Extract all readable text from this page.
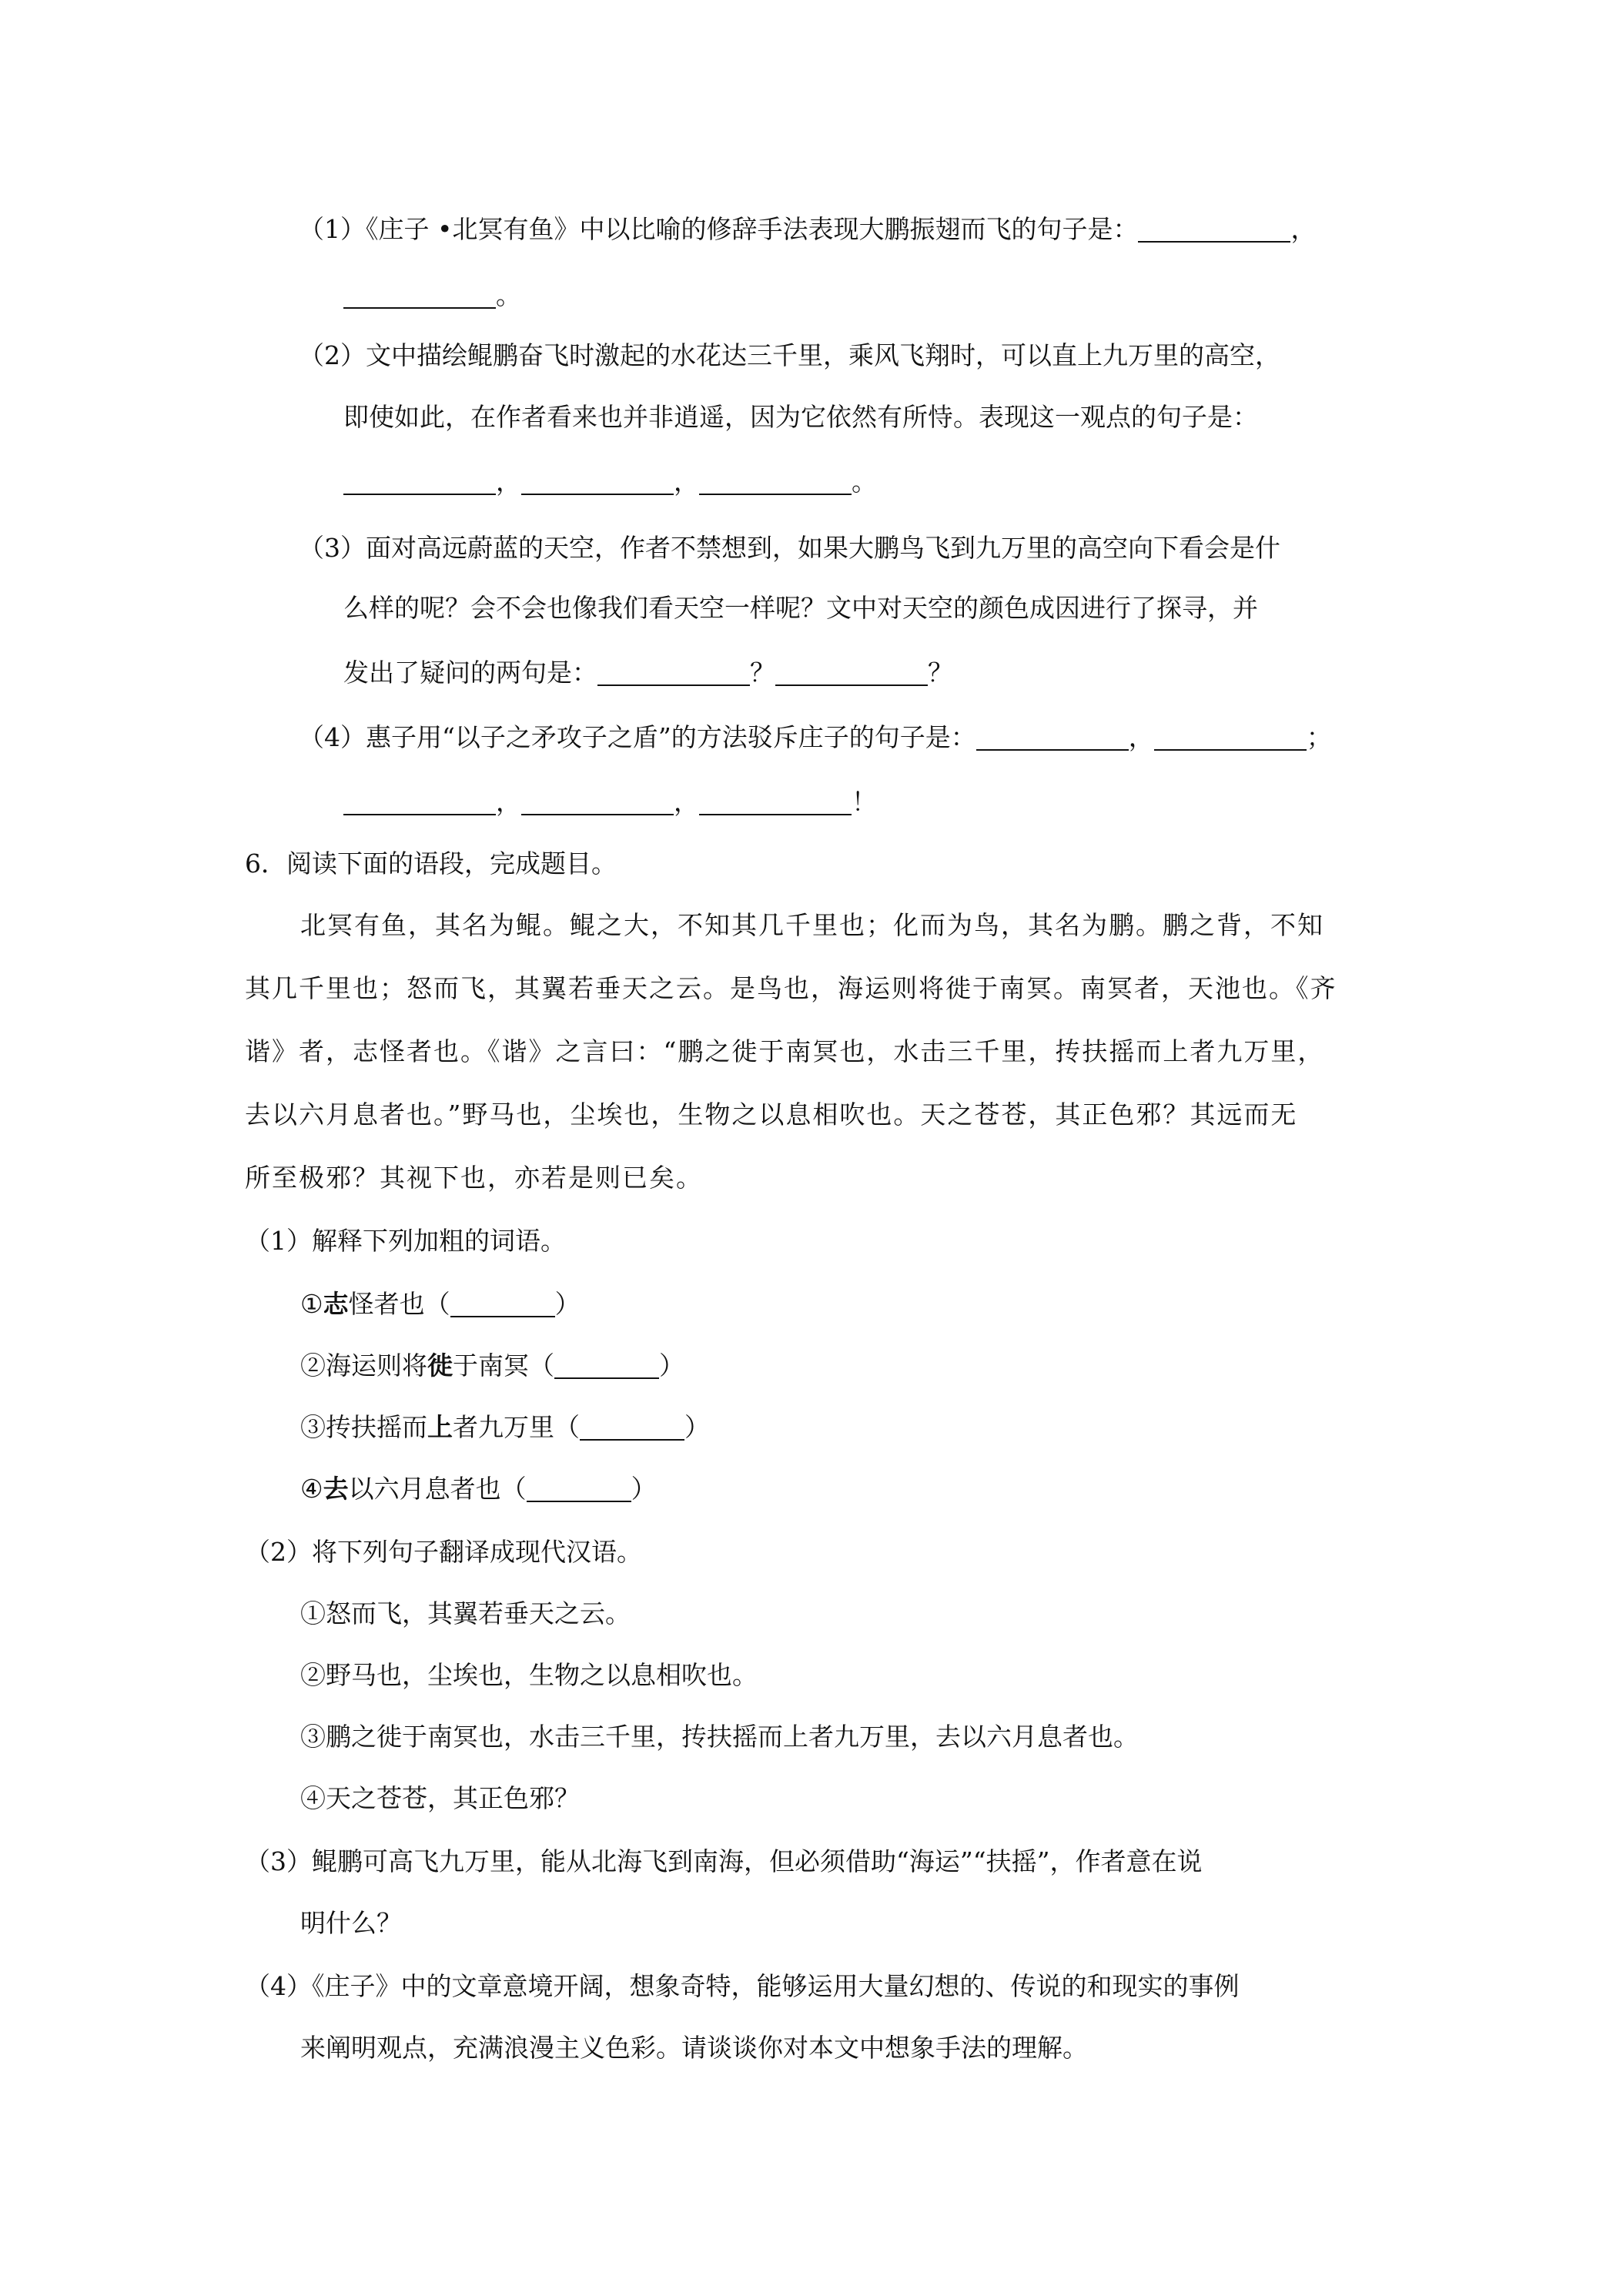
（1）《庄子 •北冥有鱼》中以比喻的修辞手法表现大鹏振翅而飞的句子是：	，
。
（2）文中描绘鲲鹏奋飞时激起的水花达三千里，乘风飞翔时，可以直上九万里的高空，
即使如此，在作者看来也并非逍遥，因为它依然有所恃。表现这一观点的句子是：
，	，	。
（3）面对高远蔚蓝的天空，作者不禁想到，如果大鹏鸟飞到九万里的高空向下看会是什
么样的呢？会不会也像我们看天空一样呢？文中对天空的颜色成因进行了探寻，并
发出了疑问的两句是：	？	？
（4）惠子用“以子之矛攻子之盾”的方法驳斥庄子的句子是：	，	；
，	，	！
6．阅读下面的语段，完成题目。
北冥有鱼，其名为鲲。鲲之大，不知其几千里也；化而为鸟，其名为鹏。鹏之背，不知
其几千里也；怒而飞，其翼若垂天之云。是鸟也，海运则将徙于南冥。南冥者，天池也。《齐
谐》者，志怪者也。《谐》之言曰：“鹏之徙于南冥也，水击三千里，抟扶摇而上者九万里，
去以六月息者也。”野马也，尘埃也，生物之以息相吹也。天之苍苍，其正色邪？其远而无
所至极邪？其视下也，亦若是则已矣。
（1）解释下列加粗的词语。
①志怪者也（	）
②海运则将徙于南冥（	）
③抟扶摇而上者九万里（	）
④去以六月息者也（	）
（2）将下列句子翻译成现代汉语。
①怒而飞，其翼若垂天之云。
②野马也，尘埃也，生物之以息相吹也。
③鹏之徙于南冥也，水击三千里，抟扶摇而上者九万里，去以六月息者也。
④天之苍苍，其正色邪？
（3）鲲鹏可高飞九万里，能从北海飞到南海，但必须借助“海运”“扶摇”，作者意在说
明什么？
（4）《庄子》中的文章意境开阔，想象奇特，能够运用大量幻想的、传说的和现实的事例
来阐明观点，充满浪漫主义色彩。请谈谈你对本文中想象手法的理解。
